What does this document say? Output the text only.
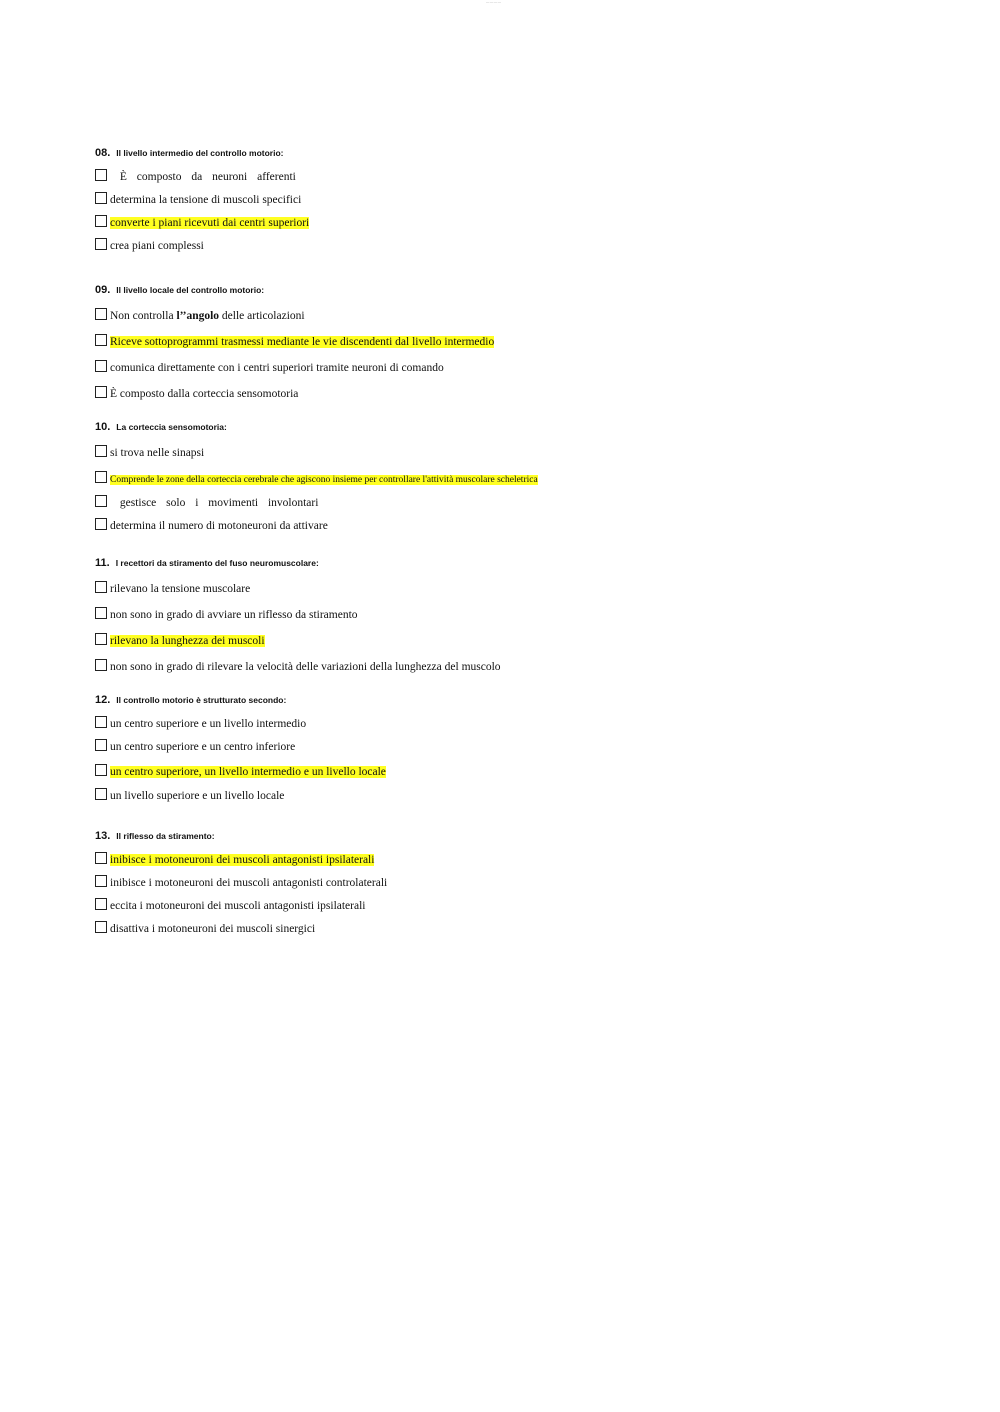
—·—·—·—
08. Il livello intermedio del controllo motorio:
È composto da neuroni afferenti
determina la tensione di muscoli specifici
converte i piani ricevuti dai centri superiori
crea piani complessi
09. Il livello locale del controllo motorio:
Non controlla l’’angolo delle articolazioni
Riceve sottoprogrammi trasmessi mediante le vie discendenti dal livello intermedio
comunica direttamente con i centri superiori tramite neuroni di comando
È composto dalla corteccia sensomotoria
10. La corteccia sensomotoria:
si trova nelle sinapsi
Comprende le zone della corteccia cerebrale che agiscono insieme per controllare l'attività muscolare scheletrica
gestisce solo i movimenti involontari
determina il numero di motoneuroni da attivare
11. I recettori da stiramento del fuso neuromuscolare:
rilevano la tensione muscolare
non sono in grado di avviare un riflesso da stiramento
rilevano la lunghezza dei muscoli
non sono in grado di rilevare la velocità delle variazioni della lunghezza del muscolo
12. Il controllo motorio è strutturato secondo:
un centro superiore e un livello intermedio
un centro superiore e un centro inferiore
un centro superiore, un livello intermedio e un livello locale
un livello superiore e un livello locale
13. Il riflesso da stiramento:
inibisce i motoneuroni dei muscoli antagonisti ipsilaterali
inibisce i motoneuroni dei muscoli antagonisti controlaterali
eccita i motoneuroni dei muscoli antagonisti ipsilaterali
disattiva i motoneuroni dei muscoli sinergici
